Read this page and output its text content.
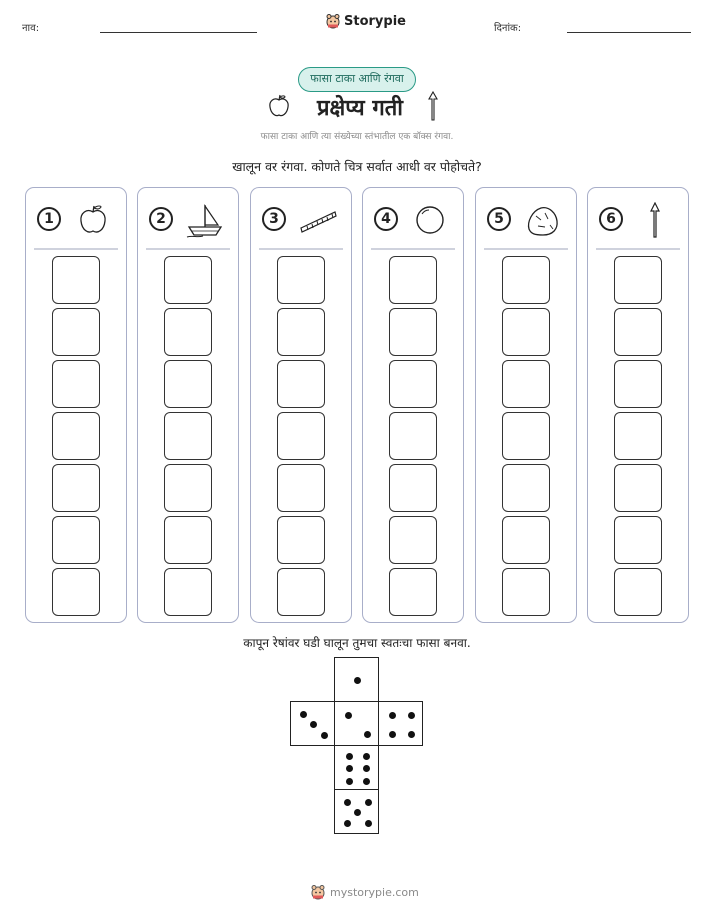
नाव:	Storypie	दिनांक:
फासा टाका आणि रंगवा
प्रक्षेप्य गती
फासा टाका आणि त्या संख्येच्या स्तंभातील एक बॉक्स रंगवा.
खालून वर रंगवा. कोणते चित्र सर्वात आधी वर पोहोचते?
1	2	3	4	5	6
कापून रेषांवर घडी घालून तुमचा स्वतःचा फासा बनवा.
mystorypie.com
